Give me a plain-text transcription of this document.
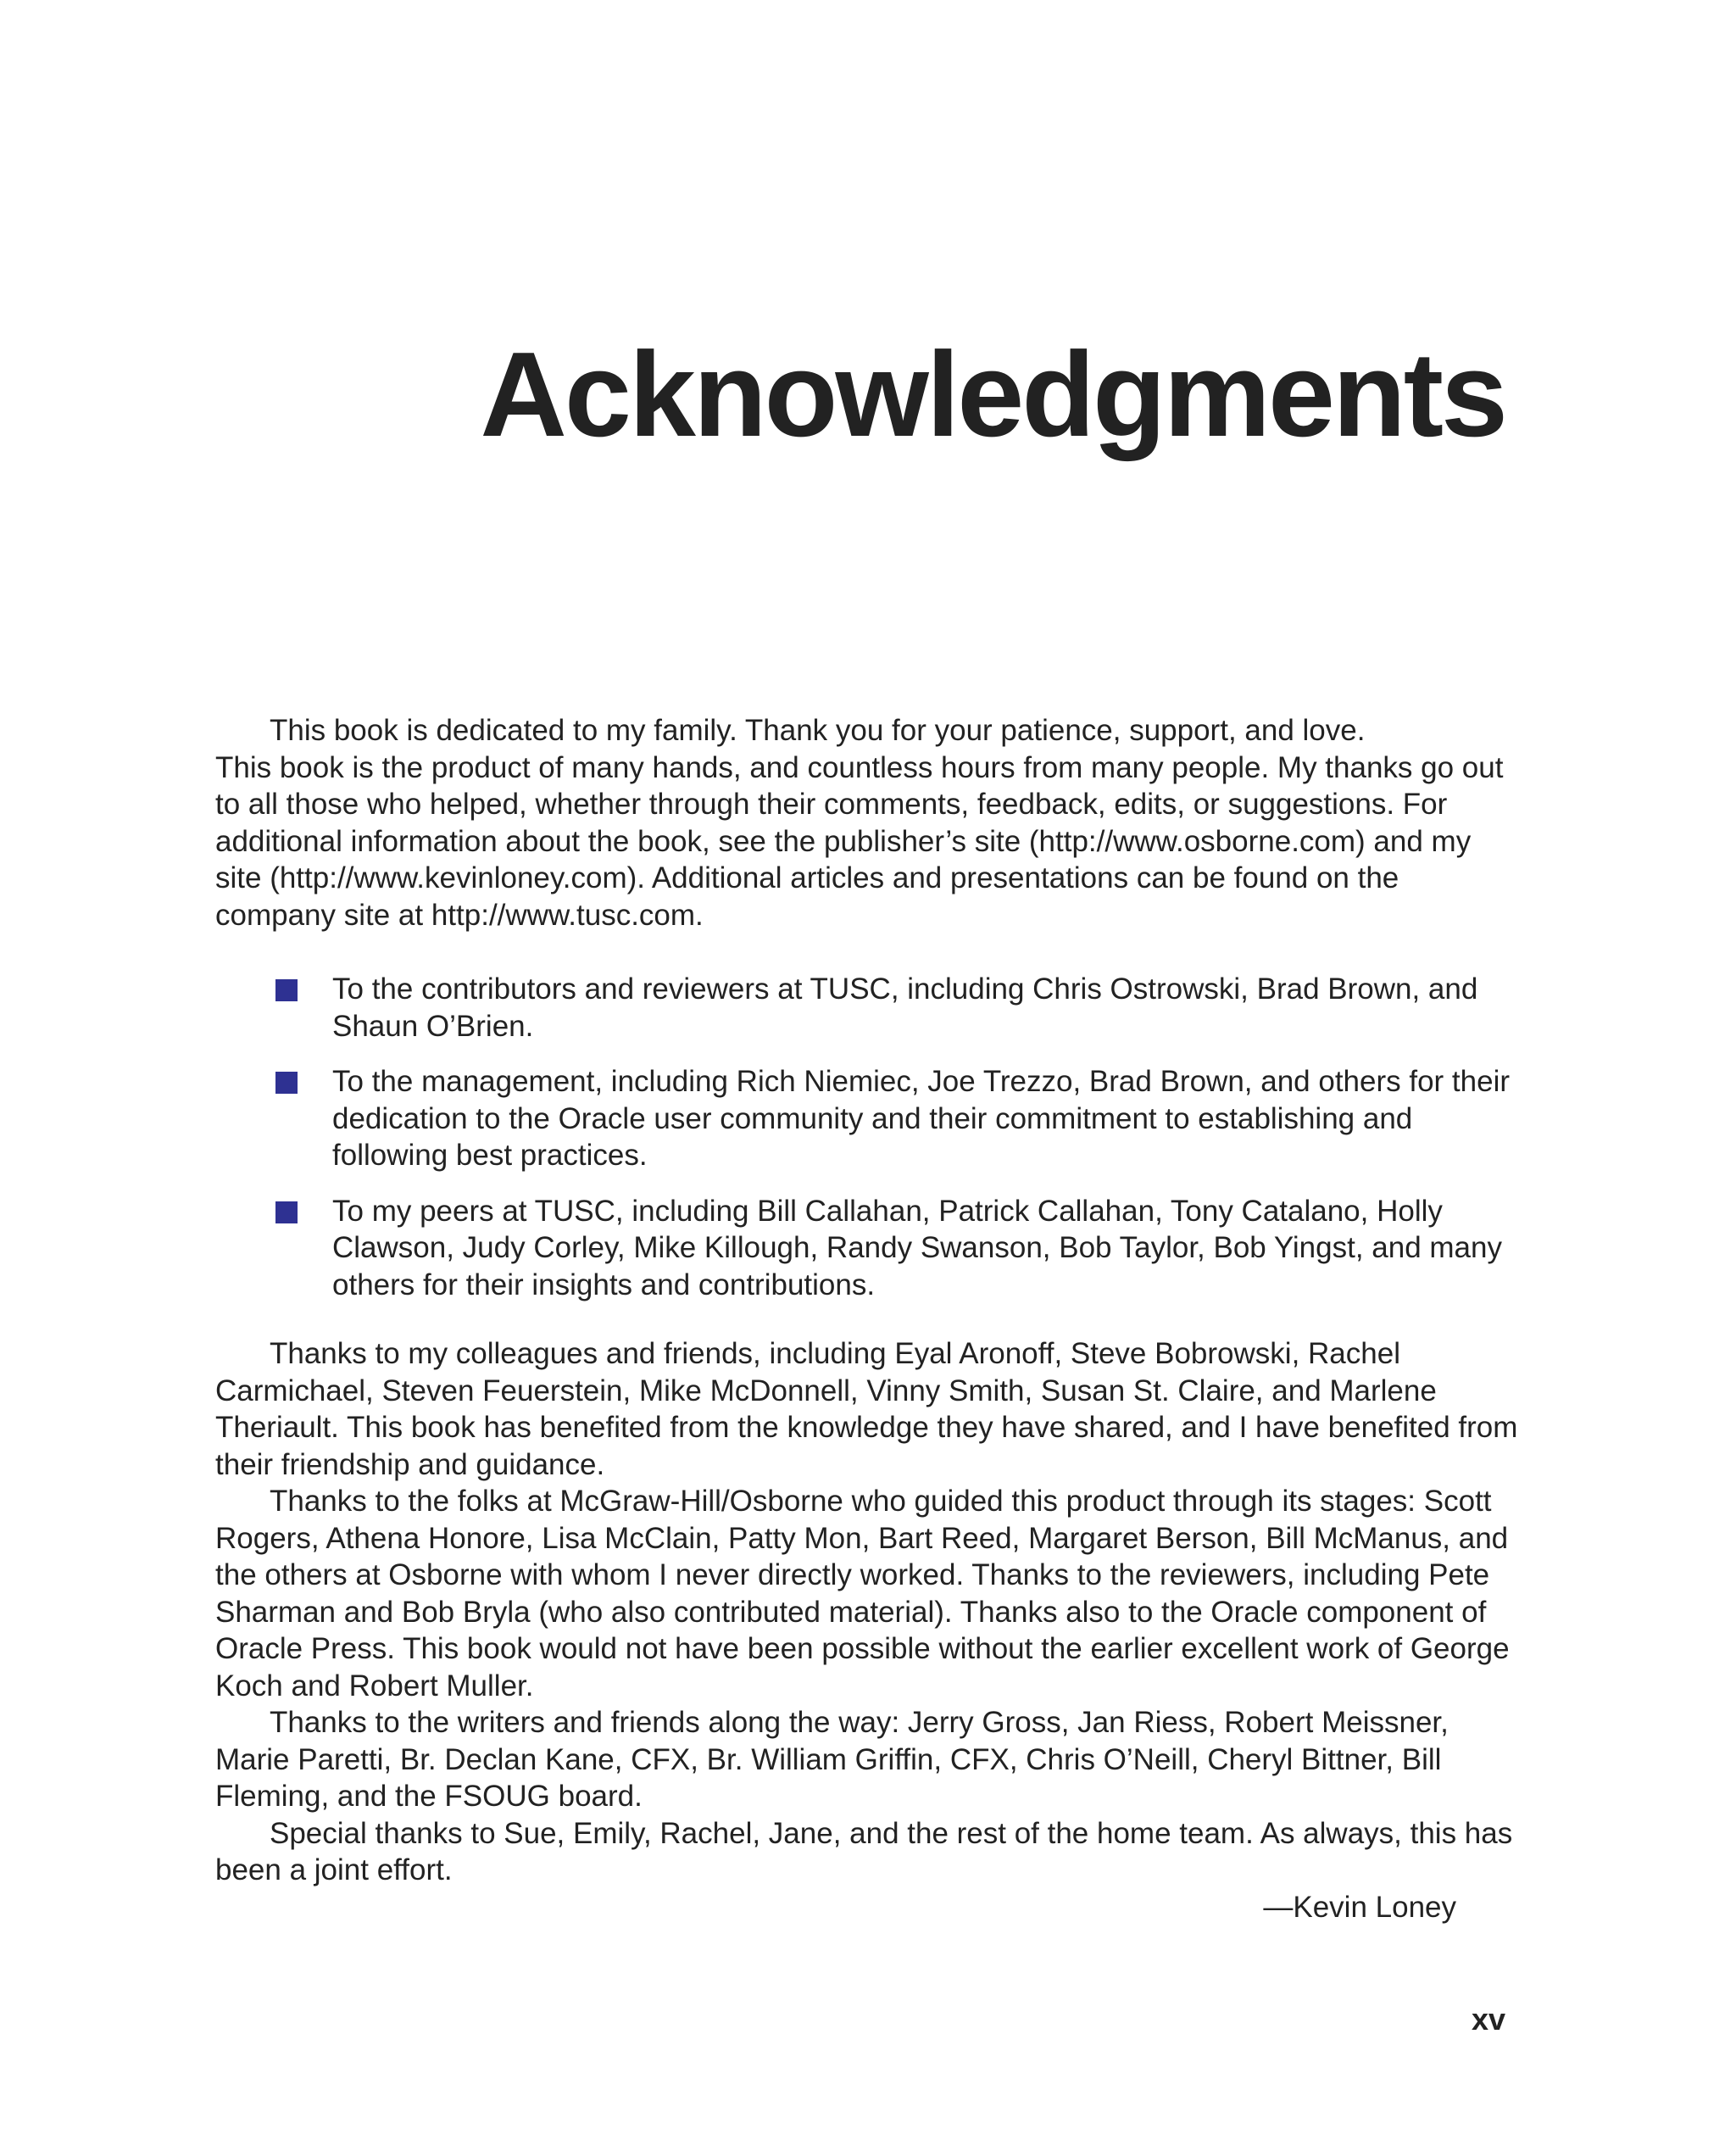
Acknowledgments

This book is dedicated to my family. Thank you for your patience, support, and love.

This book is the product of many hands, and countless hours from many people. My thanks go out to all those who helped, whether through their comments, feedback, edits, or suggestions. For additional information about the book, see the publisher’s site (http://www.osborne.com) and my site (http://www.kevinloney.com). Additional articles and presentations can be found on the company site at http://www.tusc.com.

To the contributors and reviewers at TUSC, including Chris Ostrowski, Brad Brown, and Shaun O’Brien.
To the management, including Rich Niemiec, Joe Trezzo, Brad Brown, and others for their dedication to the Oracle user community and their commitment to establishing and following best practices.
To my peers at TUSC, including Bill Callahan, Patrick Callahan, Tony Catalano, Holly Clawson, Judy Corley, Mike Killough, Randy Swanson, Bob Taylor, Bob Yingst, and many others for their insights and contributions.

Thanks to my colleagues and friends, including Eyal Aronoff, Steve Bobrowski, Rachel Carmichael, Steven Feuerstein, Mike McDonnell, Vinny Smith, Susan St. Claire, and Marlene Theriault. This book has benefited from the knowledge they have shared, and I have benefited from their friendship and guidance.

Thanks to the folks at McGraw-Hill/Osborne who guided this product through its stages: Scott Rogers, Athena Honore, Lisa McClain, Patty Mon, Bart Reed, Margaret Berson, Bill McManus, and the others at Osborne with whom I never directly worked. Thanks to the reviewers, including Pete Sharman and Bob Bryla (who also contributed material). Thanks also to the Oracle component of Oracle Press. This book would not have been possible without the earlier excellent work of George Koch and Robert Muller.

Thanks to the writers and friends along the way: Jerry Gross, Jan Riess, Robert Meissner, Marie Paretti, Br. Declan Kane, CFX, Br. William Griffin, CFX, Chris O’Neill, Cheryl Bittner, Bill Fleming, and the FSOUG board.

Special thanks to Sue, Emily, Rachel, Jane, and the rest of the home team. As always, this has been a joint effort.

—Kevin Loney

xv
